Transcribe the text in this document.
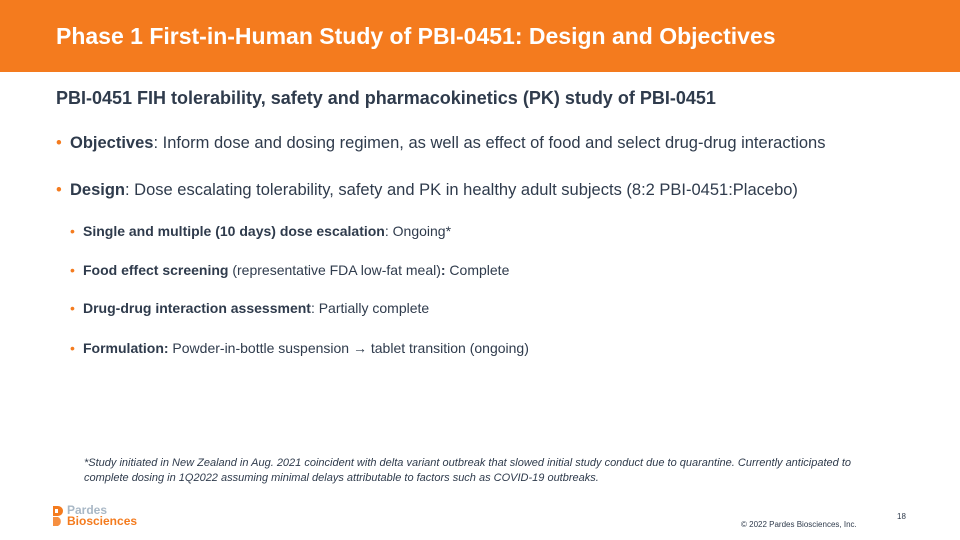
Phase 1 First-in-Human Study of PBI-0451: Design and Objectives
PBI-0451 FIH tolerability, safety and pharmacokinetics (PK) study of PBI-0451
• Objectives: Inform dose and dosing regimen, as well as effect of food and select drug-drug interactions
• Design: Dose escalating tolerability, safety and PK in healthy adult subjects (8:2 PBI-0451:Placebo)
• Single and multiple (10 days) dose escalation: Ongoing*
• Food effect screening (representative FDA low-fat meal): Complete
• Drug-drug interaction assessment: Partially complete
• Formulation: Powder-in-bottle suspension → tablet transition (ongoing)
*Study initiated in New Zealand in Aug. 2021 coincident with delta variant outbreak that slowed initial study conduct due to quarantine. Currently anticipated to complete dosing in 1Q2022 assuming minimal delays attributable to factors such as COVID-19 outbreaks.
Pardes
Biosciences	18
© 2022 Pardes Biosciences, Inc.
